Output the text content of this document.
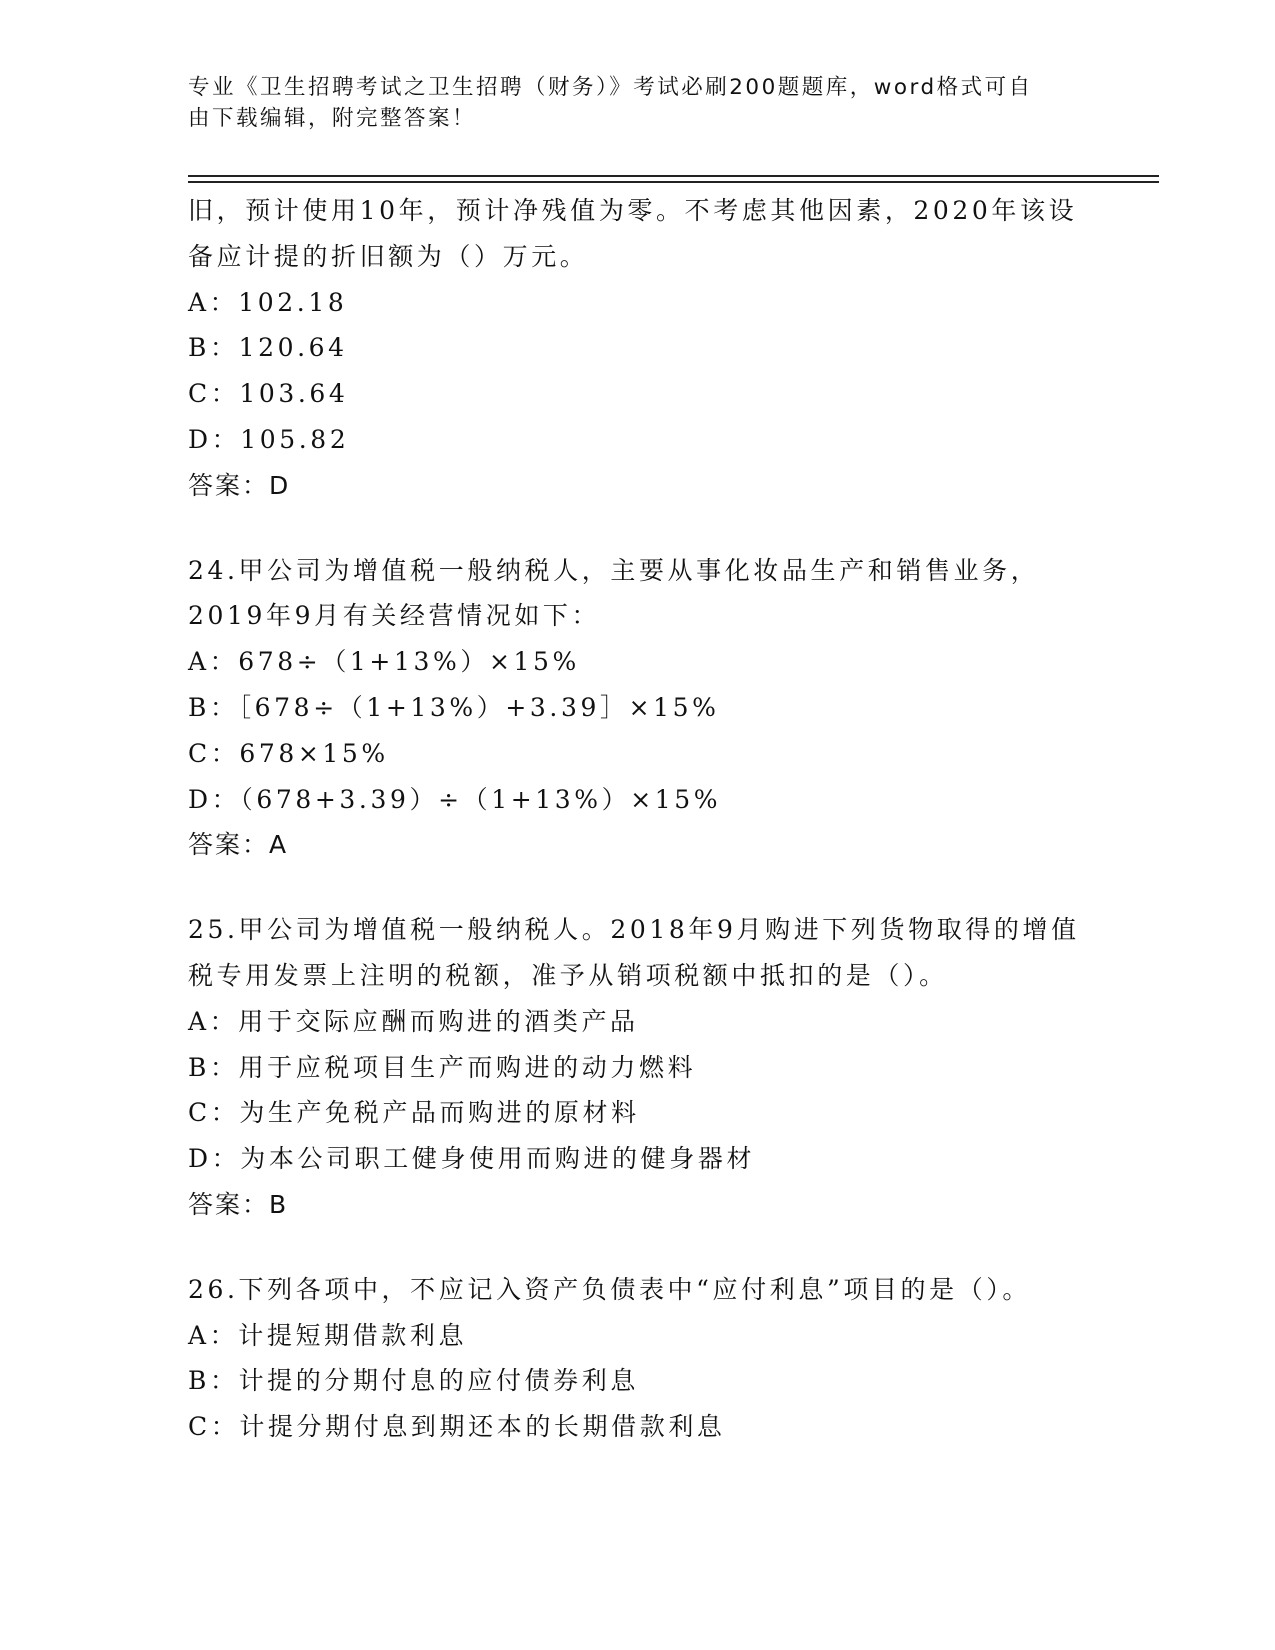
专业《卫生招聘考试之卫生招聘（财务）》考试必刷200题题库，word格式可自
由下载编辑，附完整答案！
旧，预计使用10年，预计净残值为零。不考虑其他因素，2020年该设
备应计提的折旧额为（）万元。
A：102.18
B：120.64
C：103.64
D：105.82
答案：D
24.甲公司为增值税一般纳税人，主要从事化妆品生产和销售业务，
2019年9月有关经营情况如下：
A：678÷（1+13%）×15%
B：［678÷（1+13%）+3.39］×15%
C：678×15%
D：（678+3.39）÷（1+13%）×15%
答案：A
25.甲公司为增值税一般纳税人。2018年9月购进下列货物取得的增值
税专用发票上注明的税额，准予从销项税额中抵扣的是（）。
A：用于交际应酬而购进的酒类产品
B：用于应税项目生产而购进的动力燃料
C：为生产免税产品而购进的原材料
D：为本公司职工健身使用而购进的健身器材
答案：B
26.下列各项中，不应记入资产负债表中“应付利息”项目的是（）。
A：计提短期借款利息
B：计提的分期付息的应付债券利息
C：计提分期付息到期还本的长期借款利息
